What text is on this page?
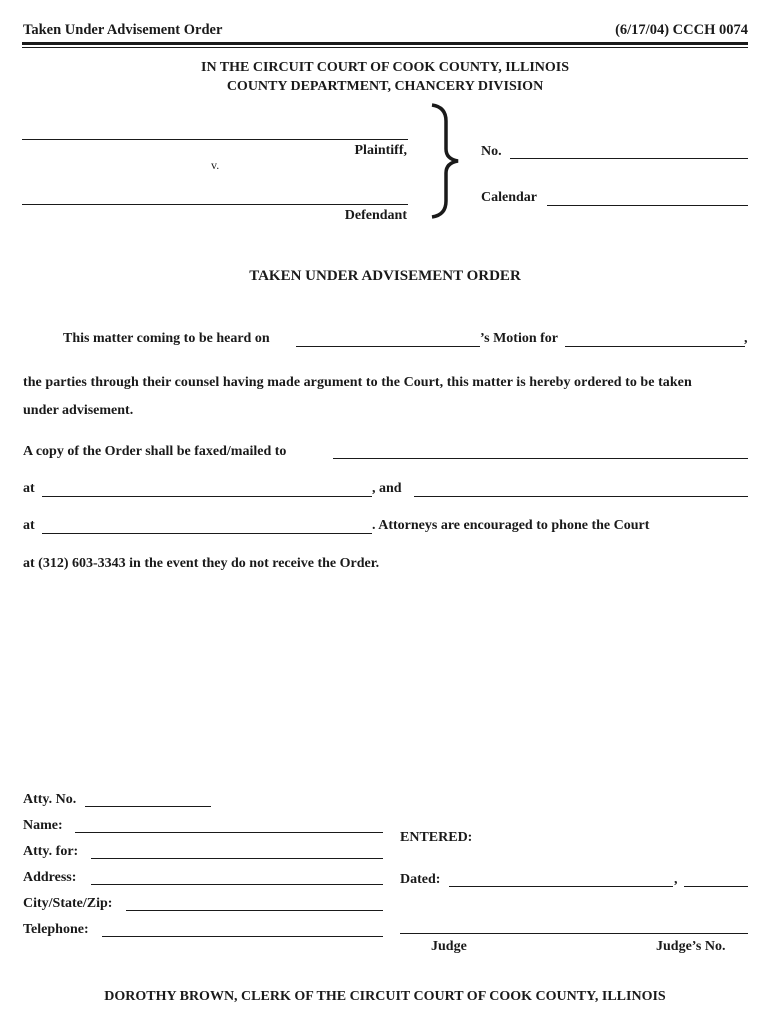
Taken Under Advisement Order	(6/17/04) CCCH 0074
IN THE CIRCUIT COURT OF COOK COUNTY, ILLINOIS
COUNTY DEPARTMENT, CHANCERY DIVISION
Plaintiff,
v.
Defendant
No.
Calendar
TAKEN UNDER ADVISEMENT ORDER
This matter coming to be heard on	’s Motion for	,
the parties through their counsel having made argument to the Court, this matter is hereby ordered to be taken
under advisement.
A copy of the Order shall be faxed/mailed to
at	, and
at	. Attorneys are encouraged to phone the Court
at (312) 603-3343 in the event they do not receive the Order.
Atty. No.
Name:
Atty. for:
Address:
City/State/Zip:
Telephone:
ENTERED:
Dated:	,
Judge	Judge’s No.
DOROTHY BROWN, CLERK OF THE CIRCUIT COURT OF COOK COUNTY, ILLINOIS
